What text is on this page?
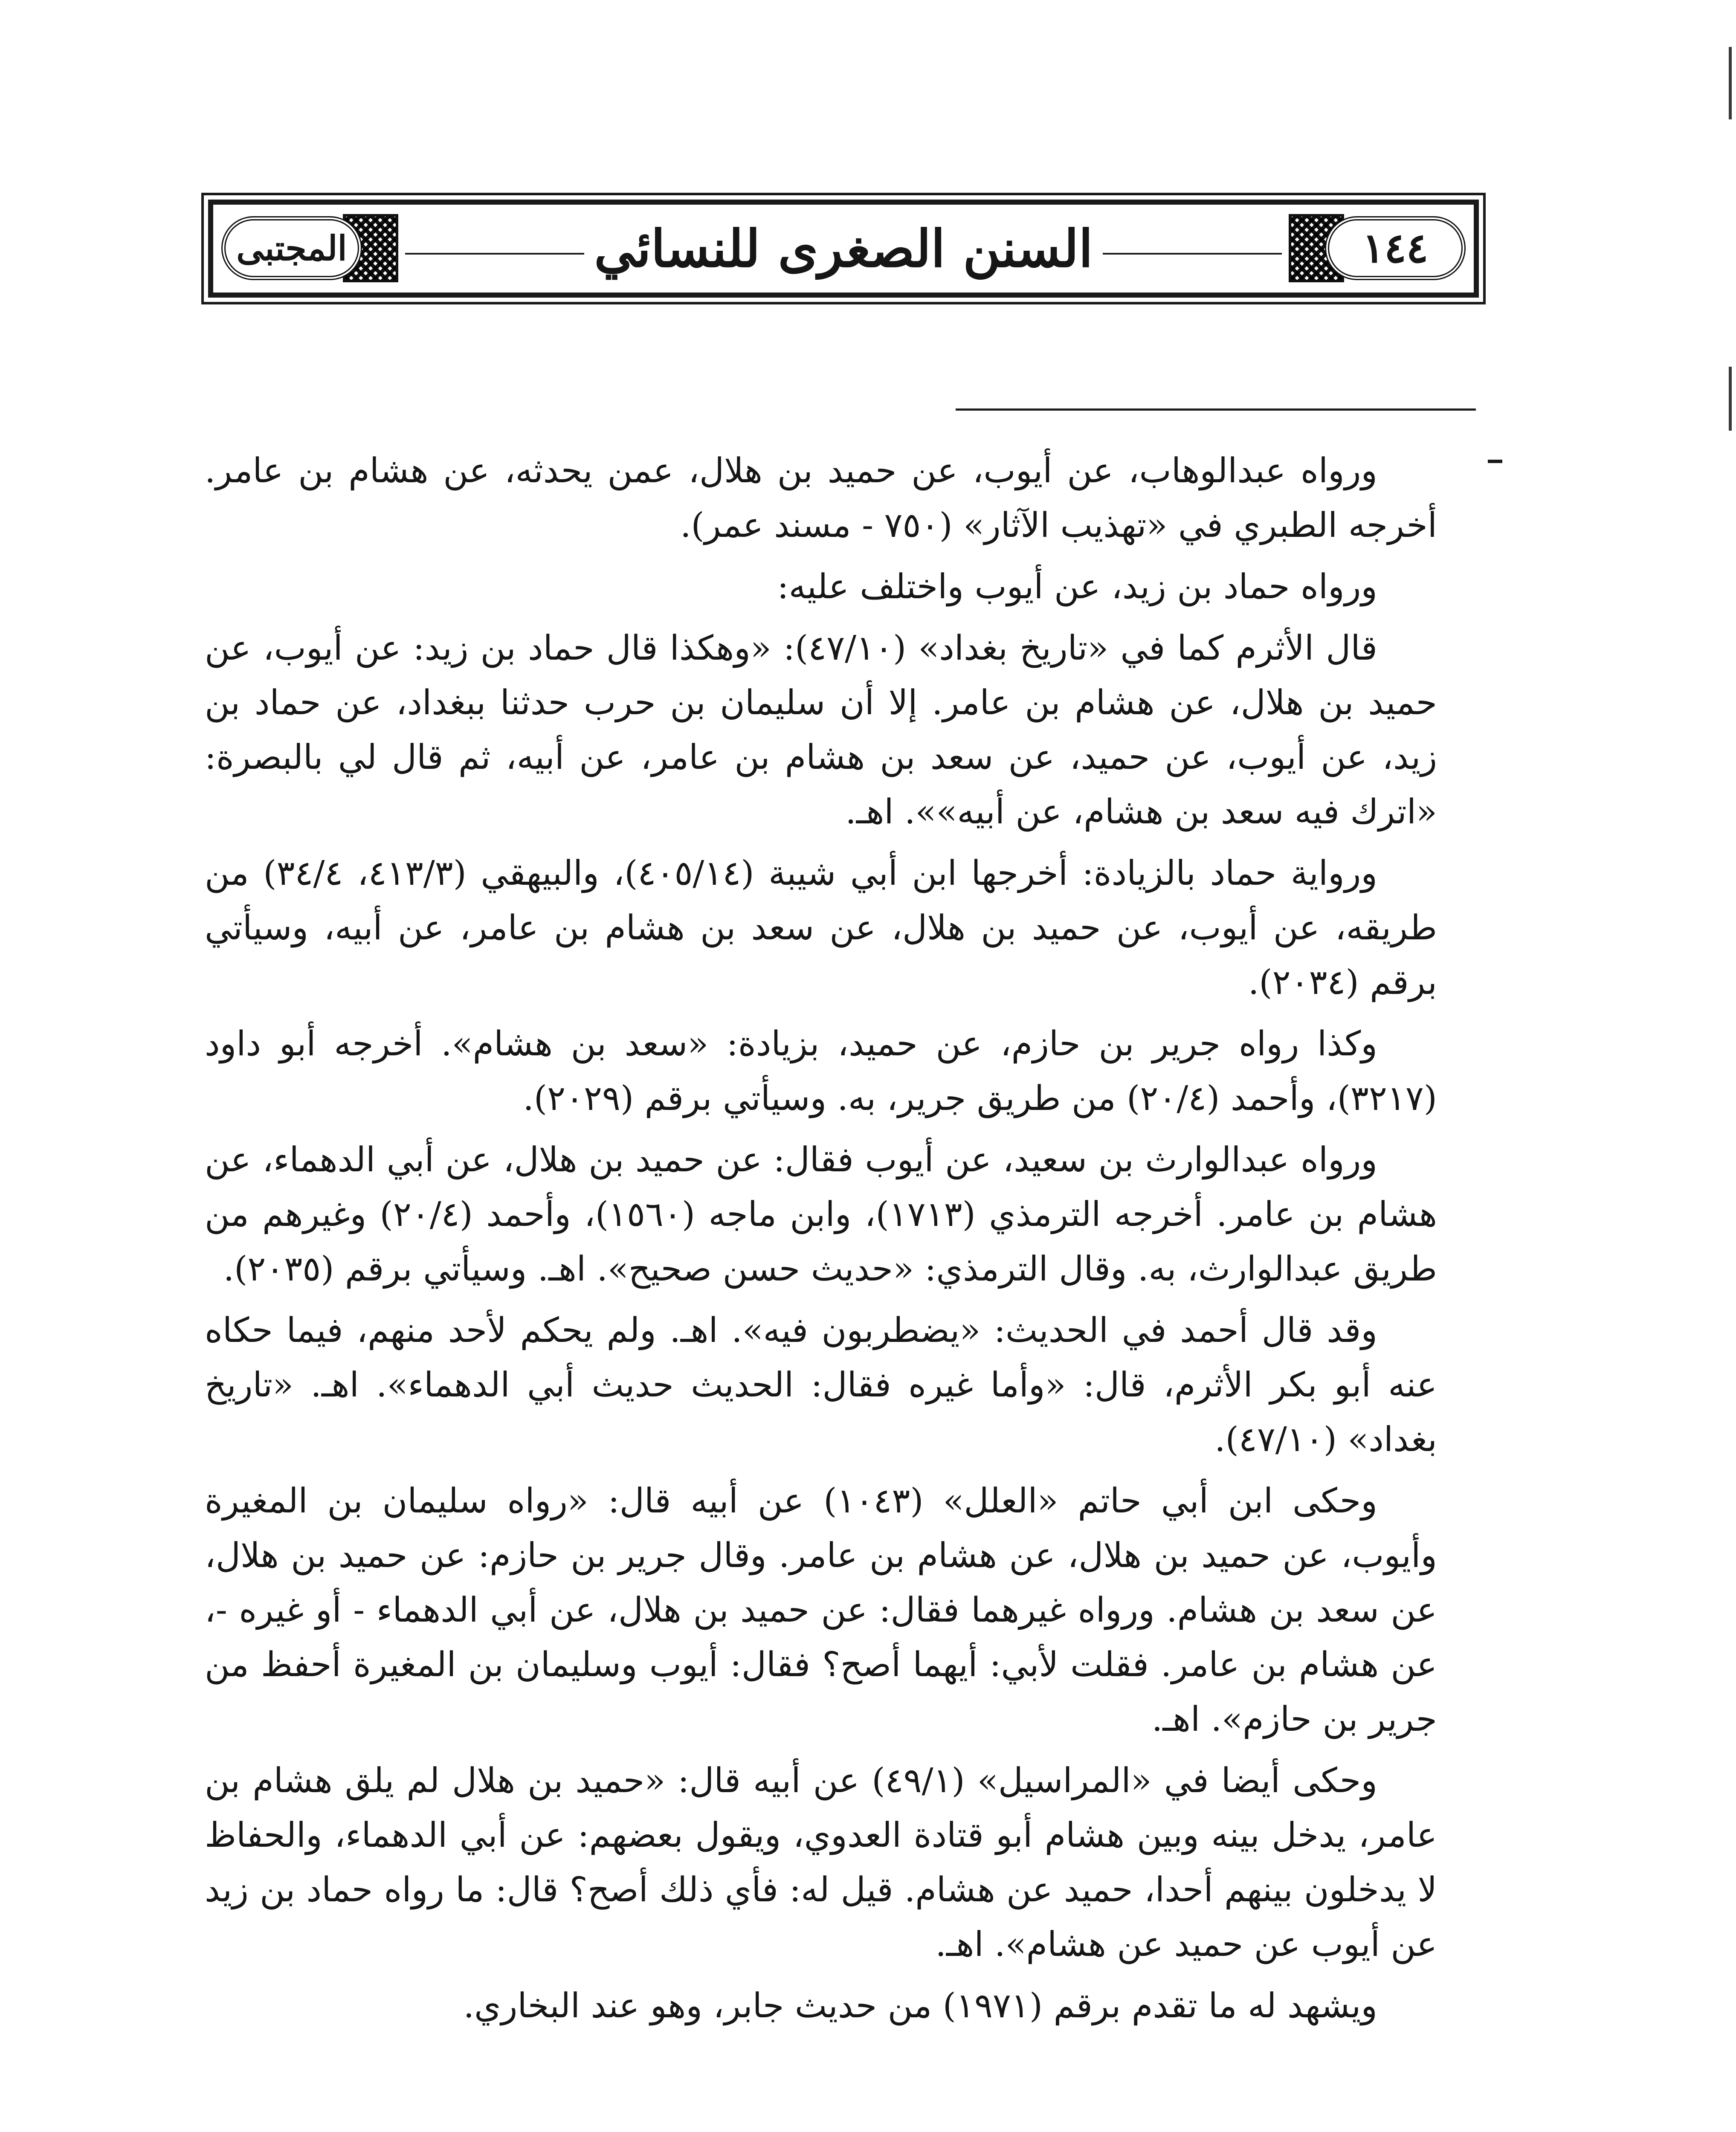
المجتبى	السنن الصغرى للنسائي	١٤٤

ورواه عبدالوهاب، عن أيوب، عن حميد بن هلال، عمن يحدثه، عن هشام بن عامر. أخرجه الطبري في «تهذيب الآثار» (٧٥٠ - مسند عمر).

ورواه حماد بن زيد، عن أيوب واختلف عليه:

قال الأثرم كما في «تاريخ بغداد» (٤٧/١٠): «وهكذا قال حماد بن زيد: عن أيوب، عن حميد بن هلال، عن هشام بن عامر. إلا أن سليمان بن حرب حدثنا ببغداد، عن حماد بن زيد، عن أيوب، عن حميد، عن سعد بن هشام بن عامر، عن أبيه، ثم قال لي بالبصرة: «اترك فيه سعد بن هشام، عن أبيه»». اهـ.

ورواية حماد بالزيادة: أخرجها ابن أبي شيبة (٤٠٥/١٤)، والبيهقي (٤١٣/٣، ٣٤/٤) من طريقه، عن أيوب، عن حميد بن هلال، عن سعد بن هشام بن عامر، عن أبيه، وسيأتي برقم (٢٠٣٤).

وكذا رواه جرير بن حازم، عن حميد، بزيادة: «سعد بن هشام». أخرجه أبو داود (٣٢١٧)، وأحمد (٢٠/٤) من طريق جرير، به. وسيأتي برقم (٢٠٢٩).

ورواه عبدالوارث بن سعيد، عن أيوب فقال: عن حميد بن هلال، عن أبي الدهماء، عن هشام بن عامر. أخرجه الترمذي (١٧١٣)، وابن ماجه (١٥٦٠)، وأحمد (٢٠/٤) وغيرهم من طريق عبدالوارث، به. وقال الترمذي: «حديث حسن صحيح». اهـ. وسيأتي برقم (٢٠٣٥).

وقد قال أحمد في الحديث: «يضطربون فيه». اهـ. ولم يحكم لأحد منهم، فيما حكاه عنه أبو بكر الأثرم، قال: «وأما غيره فقال: الحديث حديث أبي الدهماء». اهـ. «تاريخ بغداد» (٤٧/١٠).

وحكى ابن أبي حاتم «العلل» (١٠٤٣) عن أبيه قال: «رواه سليمان بن المغيرة وأيوب، عن حميد بن هلال، عن هشام بن عامر. وقال جرير بن حازم: عن حميد بن هلال، عن سعد بن هشام. ورواه غيرهما فقال: عن حميد بن هلال، عن أبي الدهماء - أو غيره -، عن هشام بن عامر. فقلت لأبي: أيهما أصح؟ فقال: أيوب وسليمان بن المغيرة أحفظ من جرير بن حازم». اهـ.

وحكى أيضا في «المراسيل» (٤٩/١) عن أبيه قال: «حميد بن هلال لم يلق هشام بن عامر، يدخل بينه وبين هشام أبو قتادة العدوي، ويقول بعضهم: عن أبي الدهماء، والحفاظ لا يدخلون بينهم أحدا، حميد عن هشام. قيل له: فأي ذلك أصح؟ قال: ما رواه حماد بن زيد عن أيوب عن حميد عن هشام». اهـ.

ويشهد له ما تقدم برقم (١٩٧١) من حديث جابر، وهو عند البخاري.
